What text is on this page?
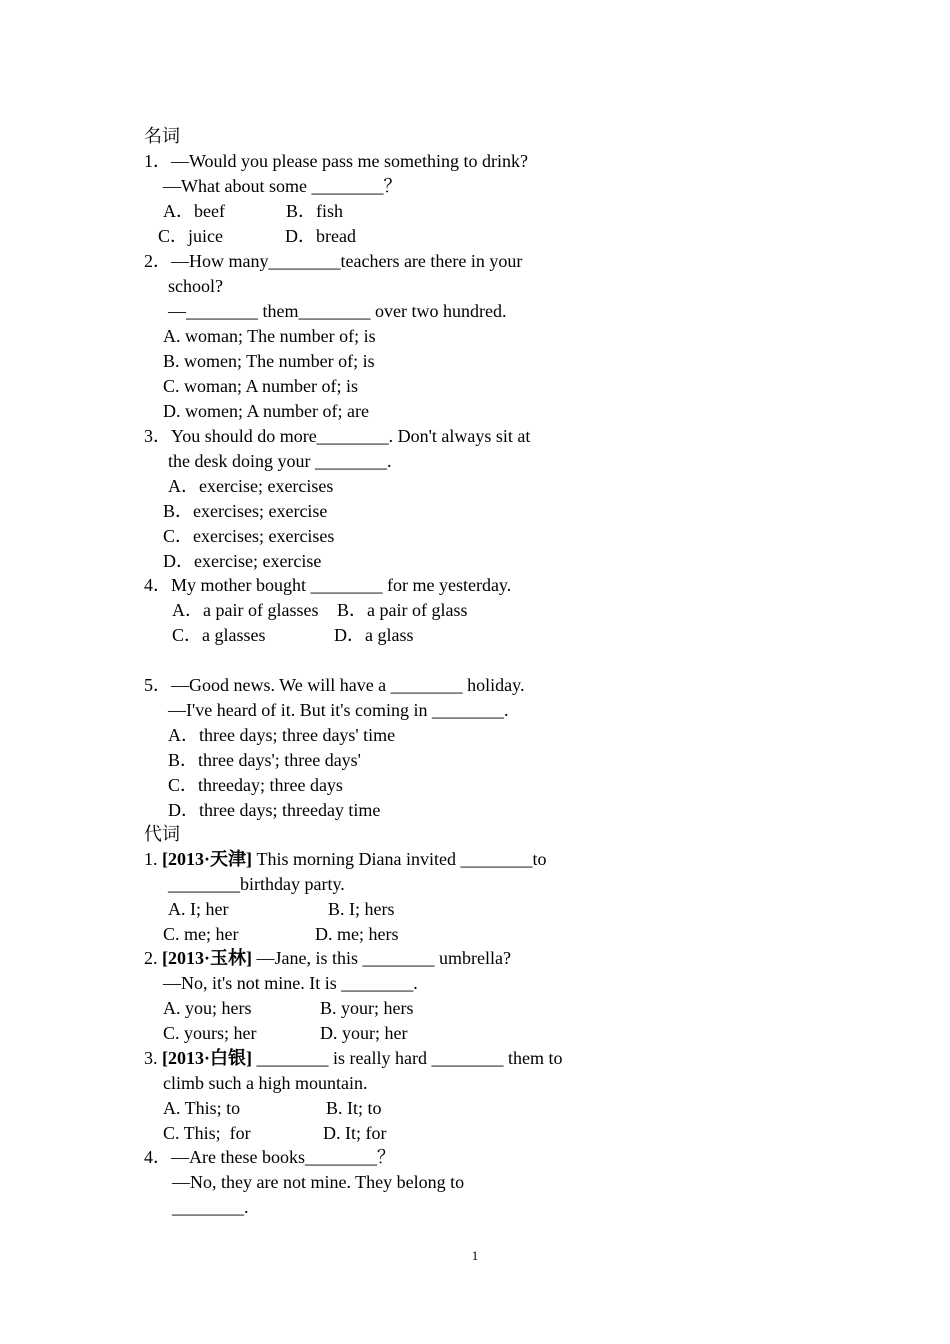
名词
1．—Would you please pass me something to drink?
—What about some ________？
A．beef	B．fish
C．juice	D．bread
2．—How many________teachers are there in your
school?
—________ them________ over two hundred.
A. woman; The number of; is
B. women; The number of; is
C. woman; A number of; is
D. women; A number of; are
3．You should do more________. Don't always sit at
the desk doing your ________.
A．exercise; exercises
B．exercises; exercise
C．exercises; exercises
D．exercise; exercise
4．My mother bought ________ for me yesterday.
A．a pair of glasses B．a pair of glass
C．a glasses	D．a glass
5．—Good news. We will have a ________ holiday.
—I've heard of it. But it's coming in ________.
A．three days; three days' time
B．three days'; three days'
C．threeday; three days
D．three days; threeday time
代词
1. [2013·天津] This morning Diana invited ________to
________birthday party.
A. I; her	B. I; hers
C. me; her	D. me; hers
2. [2013·玉林] —Jane, is this ________ umbrella?
—No, it's not mine. It is ________.
A. you; hers	B. your; hers
C. yours; her	D. your; her
3. [2013·白银] ________ is really hard ________ them to
climb such a high mountain.
A. This; to	B. It; to
C. This;  for	D. It; for
4．—Are these books________？
—No, they are not mine. They belong to
________.
1
